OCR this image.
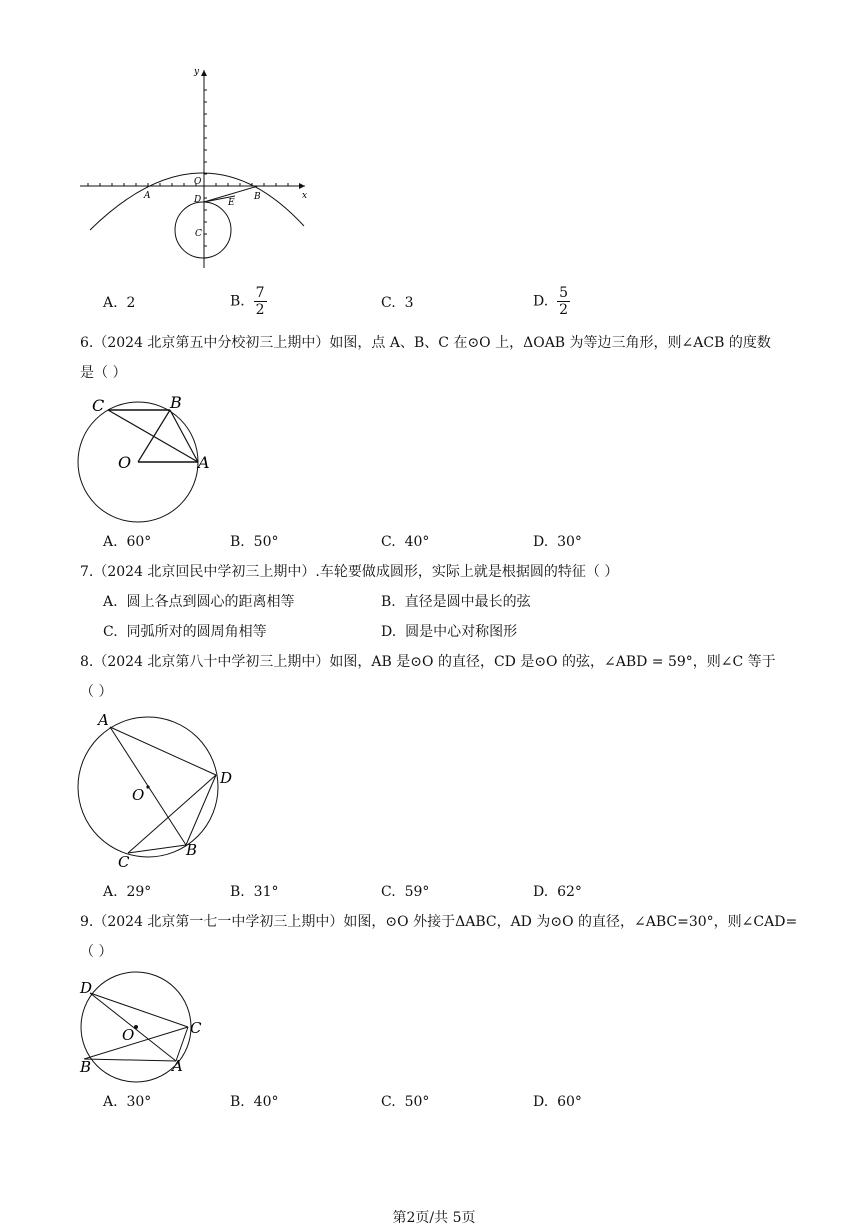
y
x
O
A	B
D	E
C
A. 2	B. $\frac{7}{2}$	C. 3	D. $\frac{5}{2}$
6.（2024 北京第五中分校初三上期中）如图，点 A、B、C 在⊙O 上，ΔOAB 为等边三角形，则∠ACB 的度数
是（ ）
C	B
O	A
A. 60°	B. 50°	C. 40°	D. 30°
7.（2024 北京回民中学初三上期中）.车轮要做成圆形，实际上就是根据圆的特征（ ）
A. 圆上各点到圆心的距离相等	B. 直径是圆中最长的弦
C. 同弧所对的圆周角相等	D. 圆是中心对称图形
8.（2024 北京第八十中学初三上期中）如图，AB 是⊙O 的直径，CD 是⊙O 的弦，∠ABD = 59°，则∠C 等于
（ ）
A
O
D
C
B
A. 29°	B. 31°	C. 59°	D. 62°
9.（2024 北京第一七一中学初三上期中）如图，⊙O 外接于ΔABC，AD 为⊙O 的直径，∠ABC=30°，则∠CAD=
（ ）
D
O	C
B	A
A. 30°	B. 40°	C. 50°	D. 60°
第2页/共 5页
